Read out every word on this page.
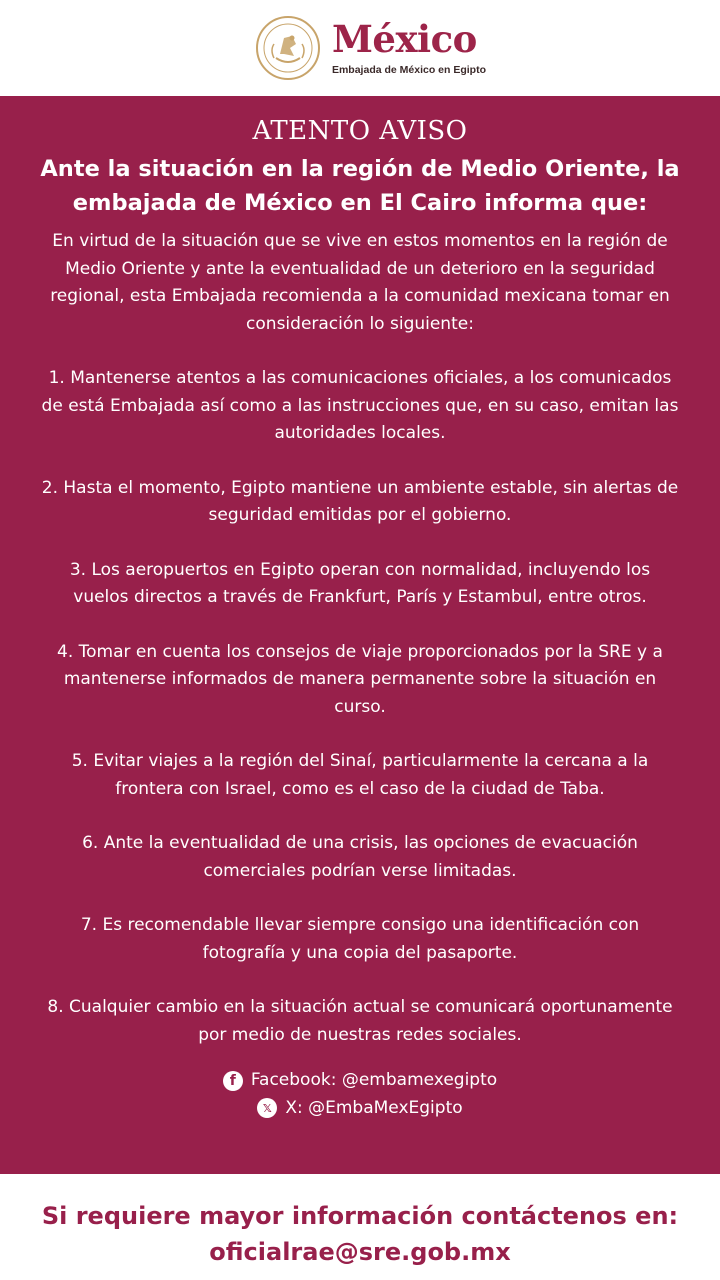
México
Embajada de México en Egipto
ATENTO AVISO
Ante la situación en la región de Medio Oriente, la embajada de México en El Cairo informa que:

En virtud de la situación que se vive en estos momentos en la región de Medio Oriente y ante la eventualidad de un deterioro en la seguridad regional, esta Embajada recomienda a la comunidad mexicana tomar en consideración lo siguiente:

1. Mantenerse atentos a las comunicaciones oficiales, a los comunicados de está Embajada así como a las instrucciones que, en su caso, emitan las autoridades locales.

2. Hasta el momento, Egipto mantiene un ambiente estable, sin alertas de seguridad emitidas por el gobierno.

3. Los aeropuertos en Egipto operan con normalidad, incluyendo los vuelos directos a través de Frankfurt, París y Estambul, entre otros.

4. Tomar en cuenta los consejos de viaje proporcionados por la SRE y a mantenerse informados de manera permanente sobre la situación en curso.

5. Evitar viajes a la región del Sinaí, particularmente la cercana a la frontera con Israel, como es el caso de la ciudad de Taba.

6. Ante la eventualidad de una crisis, las opciones de evacuación comerciales podrían verse limitadas.

7. Es recomendable llevar siempre consigo una identificación con fotografía y una copia del pasaporte.

8. Cualquier cambio en la situación actual se comunicará oportunamente por medio de nuestras redes sociales.

f Facebook: @embamexegipto
𝕏 X: @EmbaMexEgipto
Si requiere mayor información contáctenos en:
oficialrae@sre.gob.mx
